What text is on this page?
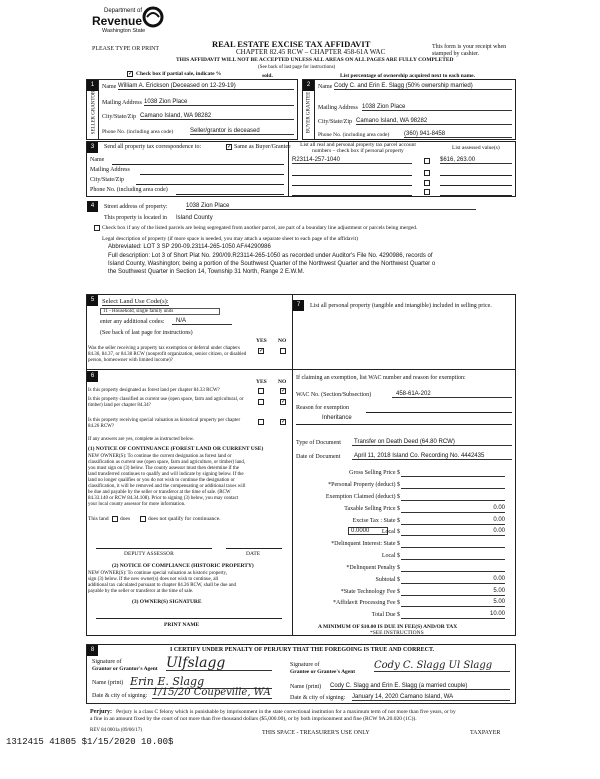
Department of
Revenue
Washington State
PLEASE TYPE OR PRINT	REAL ESTATE EXCISE TAX AFFIDAVIT
CHAPTER 82.45 RCW – CHAPTER 458-61A WAC
THIS AFFIDAVIT WILL NOT BE ACCEPTED UNLESS ALL AREAS ON ALL PAGES ARE FULLY COMPLETED
This form is your receipt when stamped by cashier.
(See back of last page for instructions)
✓ Check box if partial sale, indicate %	sold.	List percentage of ownership acquired next to each name.
1
SELLER GRANTOR
Name William A. Erickson (Deceased on 12-29-19)
Mailing Address 1038 Zion Place
City/State/Zip Camano Island, WA 98282
Phone No. (including area code)	Seller/grantor is deceased
2
BUYER GRANTEE
Name Cody C. and Erin E. Slagg (50% ownership married)
Mailing Address 1038 Zion Place
City/State/Zip Camano Island, WA 98282
Phone No. (including area code) (360) 941-8458
3	Send all property tax correspondence to:	✓ Same as Buyer/Grantee
Name
Mailing Address
City/State/Zip
Phone No. (including area code)
List all real and personal property tax parcel account numbers – check box if personal property	List assessed value(s)
R23114-257-1040	$616, 263.00
4	Street address of property:	1038 Zion Place
This property is located in Island County
Check box if any of the listed parcels are being segregated from another parcel, are part of a boundary line adjustment or parcels being merged.
Legal description of property (if more space is needed, you may attach a separate sheet to each page of the affidavit)
Abbreviated: LOT 3 SP 290-09.23114-265-1050 AF#4290986
Full description: Lot 3 of Short Plat No. 290/09.R23114-265-1050 as recorded under Auditor's File No. 4290986, records of
Island County, Washington; being a portion of the Southwest Quarter of the Northwest Quarter and the Northwest Quarter o
the Southwest Quarter in Section 14, Township 31 North, Range 2 E.W.M.
5	Select Land Use Code(s):
11 - Household, single family units
enter any additional codes:	N/A
(See back of last page for instructions)
YES NO
Was the seller receiving a property tax exemption or deferral under chapters 84.36, 84.37, or 84.38 RCW (nonprofit organization, senior citizen, or disabled person, homeowner with limited income)?
✓
6
YES NO
Is this property designated as forest land per chapter 84.33 RCW?	✓
Is this property classified as current use (open space, farm and agricultural, or timber) land per chapter 84.34?
✓
Is this property receiving special valuation as historical property per chapter 84.26 RCW?
✓
If any answers are yes, complete as instructed below.
(1) NOTICE OF CONTINUANCE (FOREST LAND OR CURRENT USE)
NEW OWNER(S): To continue the current designation as forest land or
classification as current use (open space, farm and agriculture, or timber) land,
you must sign on (3) below. The county assessor must then determine if the
land transferred continues to qualify and will indicate by signing below. If the
land no longer qualifies or you do not wish to continue the designation or
classification, it will be removed and the compensating or additional taxes will
be due and payable by the seller or transferor at the time of sale. (RCW
84.33.140 or RCW 84.34.108). Prior to signing (3) below, you may contact
your local county assessor for more information.
This land does	does not qualify for continuance.
DEPUTY ASSESSOR	DATE
(2) NOTICE OF COMPLIANCE (HISTORIC PROPERTY)
NEW OWNER(S): To continue special valuation as historic property,
sign (3) below. If the new owner(s) does not wish to continue, all
additional tax calculated pursuant to chapter 84.26 RCW, shall be due and
payable by the seller or transferor at the time of sale.
(3) OWNER(S) SIGNATURE
PRINT NAME
7	List all personal property (tangible and intangible) included in selling price.
If claiming an exemption, list WAC number and reason for exemption:
WAC No. (Section/Subsection)	458-61A-202
Reason for exemption
Inheritance
Type of Document	Transfer on Death Deed (64.80 RCW)
Date of Document	April 11, 2018 Island Co. Recording No. 4442435
Gross Selling Price $
*Personal Property (deduct) $
Exemption Claimed (deduct) $
Taxable Selling Price $	0.00
Excise Tax : State $	0.00
0.0000	Local $	0.00
*Delinquent Interest: State $
Local $
*Delinquent Penalty $
Subtotal $	0.00
*State Technology Fee $	5.00
*Affidavit Processing Fee $	5.00
Total Due $	10.00
A MINIMUM OF $10.00 IS DUE IN FEE(S) AND/OR TAX
*SEE INSTRUCTIONS
8	I CERTIFY UNDER PENALTY OF PERJURY THAT THE FOREGOING IS TRUE AND CORRECT.
Signature of
Grantor or Grantor's Agent Ulfslagg
Name (print) Erin E. Slagg
Date & city of signing: 1/15/20 Coupeville, WA
Signature of
Grantee or Grantee's Agent
Cody C. Slagg Ul Slagg
Name (print) Cody C. Slagg and Erin E. Slagg (a married couple)
Date & city of signing: January 14, 2020 Camano Island, WA
Perjury: Perjury is a class C felony which is punishable by imprisonment in the state correctional institution for a maximum term of not more than five years, or by
a fine in an amount fixed by the court of not more than five thousand dollars ($5,000.00), or by both imprisonment and fine (RCW 9A.20.020 (1C)).
REV 84 0001a (09/06/17)
1312415 41805 $1/15/2020 10.00$
THIS SPACE - TREASURER'S USE ONLY	TAXPAYER
